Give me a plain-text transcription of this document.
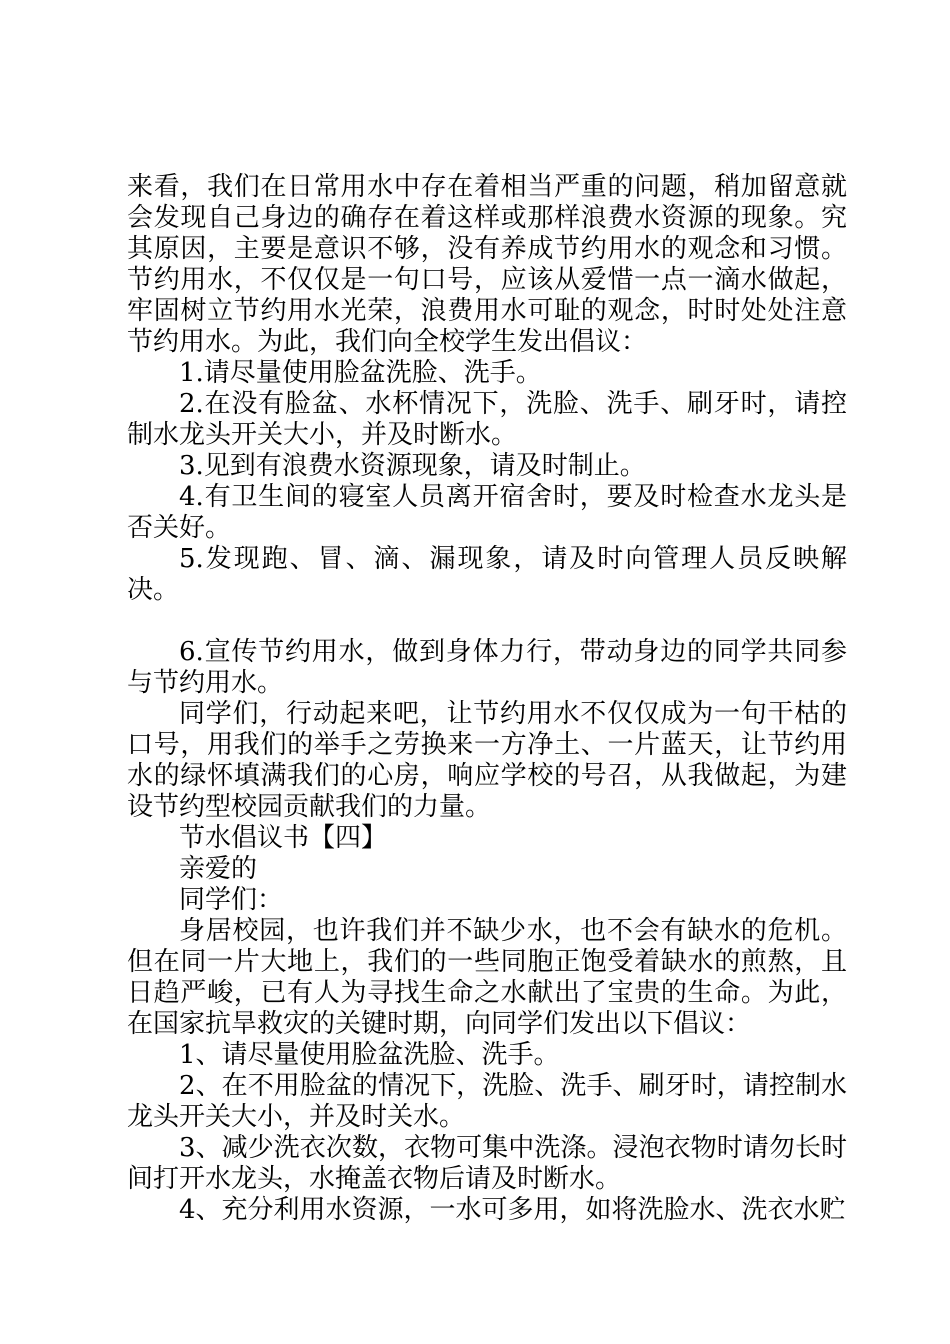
来看，我们在日常用水中存在着相当严重的问题，稍加留意就会发现自己身边的确存在着这样或那样浪费水资源的现象。究其原因，主要是意识不够，没有养成节约用水的观念和习惯。节约用水，不仅仅是一句口号，应该从爱惜一点一滴水做起，牢固树立节约用水光荣，浪费用水可耻的观念，时时处处注意节约用水。为此，我们向全校学生发出倡议：

1.请尽量使用脸盆洗脸、洗手。

2.在没有脸盆、水杯情况下，洗脸、洗手、刷牙时，请控制水龙头开关大小，并及时断水。

3.见到有浪费水资源现象，请及时制止。

4.有卫生间的寝室人员离开宿舍时，要及时检查水龙头是否关好。

5.发现跑、冒、滴、漏现象，请及时向管理人员反映解决。

6.宣传节约用水，做到身体力行，带动身边的同学共同参与节约用水。

同学们，行动起来吧，让节约用水不仅仅成为一句干枯的口号，用我们的举手之劳换来一方净土、一片蓝天，让节约用水的绿怀填满我们的心房，响应学校的号召，从我做起，为建设节约型校园贡献我们的力量。

节水倡议书【四】

亲爱的

同学们：

身居校园，也许我们并不缺少水，也不会有缺水的危机。但在同一片大地上，我们的一些同胞正饱受着缺水的煎熬，且日趋严峻，已有人为寻找生命之水献出了宝贵的生命。为此，在国家抗旱救灾的关键时期，向同学们发出以下倡议：

1、请尽量使用脸盆洗脸、洗手。

2、在不用脸盆的情况下，洗脸、洗手、刷牙时，请控制水龙头开关大小，并及时关水。

3、减少洗衣次数，衣物可集中洗涤。浸泡衣物时请勿长时间打开水龙头，水掩盖衣物后请及时断水。

4、充分利用水资源，一水可多用，如将洗脸水、洗衣水贮
